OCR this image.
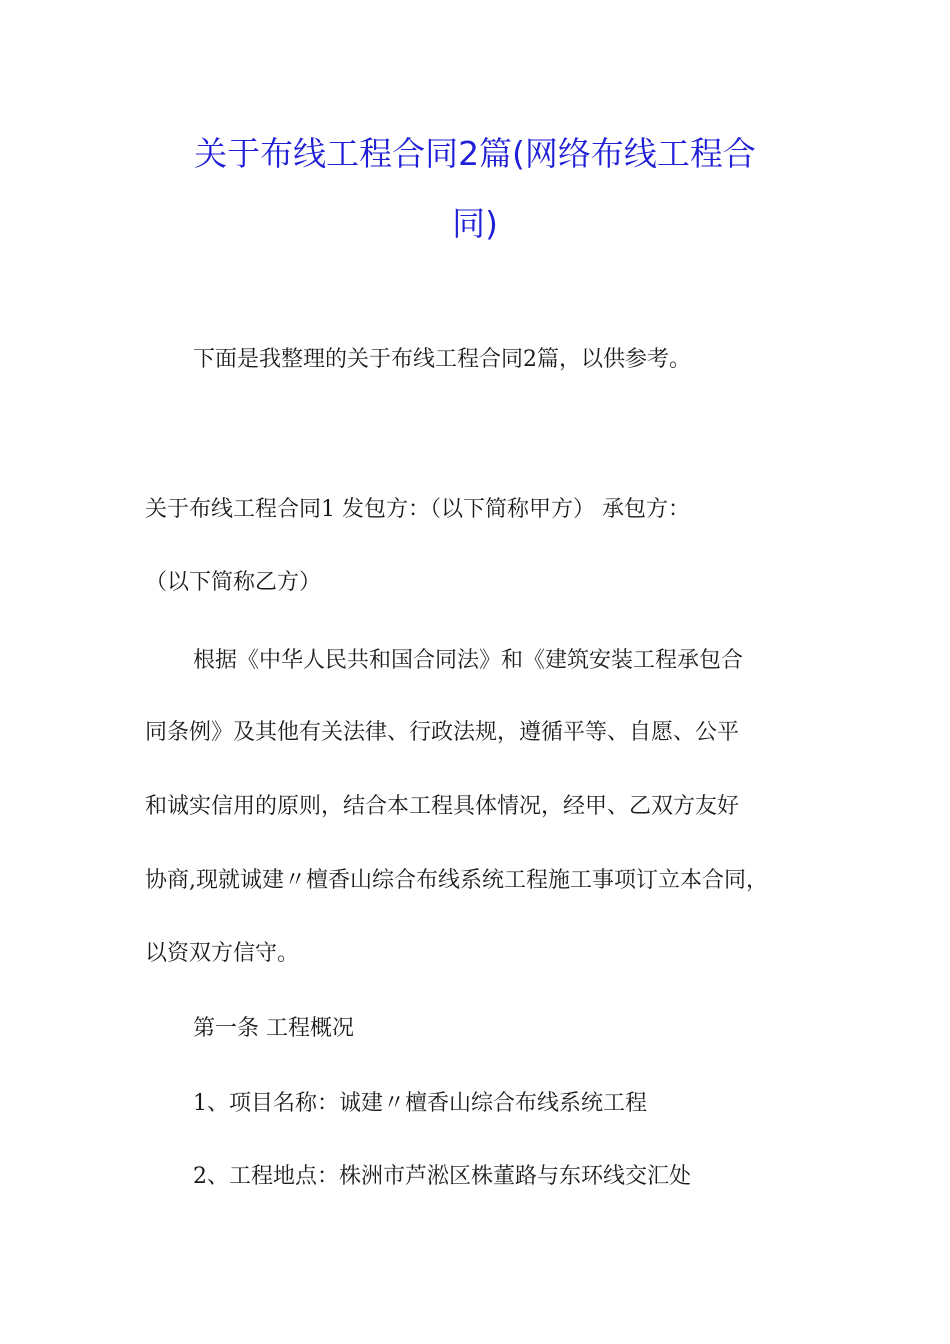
关于布线工程合同2篇(网络布线工程合
同)
下面是我整理的关于布线工程合同2篇，以供参考。
关于布线工程合同1 发包方：（以下简称甲方） 承包方：
（以下简称乙方）
根据《中华人民共和国合同法》和《建筑安装工程承包合
同条例》及其他有关法律、行政法规，遵循平等、自愿、公平
和诚实信用的原则，结合本工程具体情况，经甲、乙双方友好
协商,现就诚建〃檀香山综合布线系统工程施工事项订立本合同，
以资双方信守。
第一条 工程概况
1、项目名称：诚建〃檀香山综合布线系统工程
2、工程地点：株洲市芦淞区株董路与东环线交汇处
